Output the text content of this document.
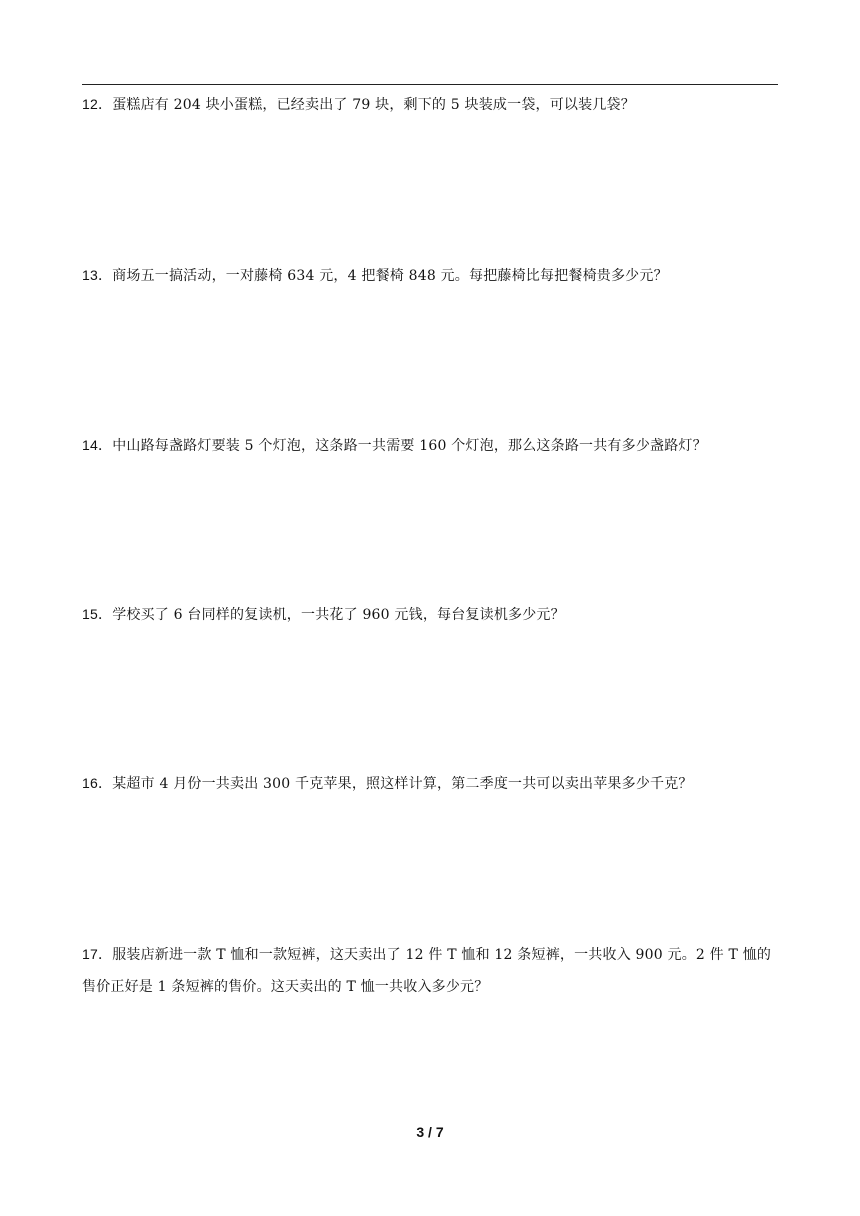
12．蛋糕店有 204 块小蛋糕，已经卖出了 79 块，剩下的 5 块装成一袋，可以装几袋？
13．商场五一搞活动，一对藤椅 634 元，4 把餐椅 848 元。每把藤椅比每把餐椅贵多少元？
14．中山路每盏路灯要装 5 个灯泡，这条路一共需要 160 个灯泡，那么这条路一共有多少盏路灯？
15．学校买了 6 台同样的复读机，一共花了 960 元钱，每台复读机多少元？
16．某超市 4 月份一共卖出 300 千克苹果，照这样计算，第二季度一共可以卖出苹果多少千克？
17．服装店新进一款 T 恤和一款短裤，这天卖出了 12 件 T 恤和 12 条短裤，一共收入 900 元。2 件 T 恤的售价正好是 1 条短裤的售价。这天卖出的 T 恤一共收入多少元？
3 / 7
